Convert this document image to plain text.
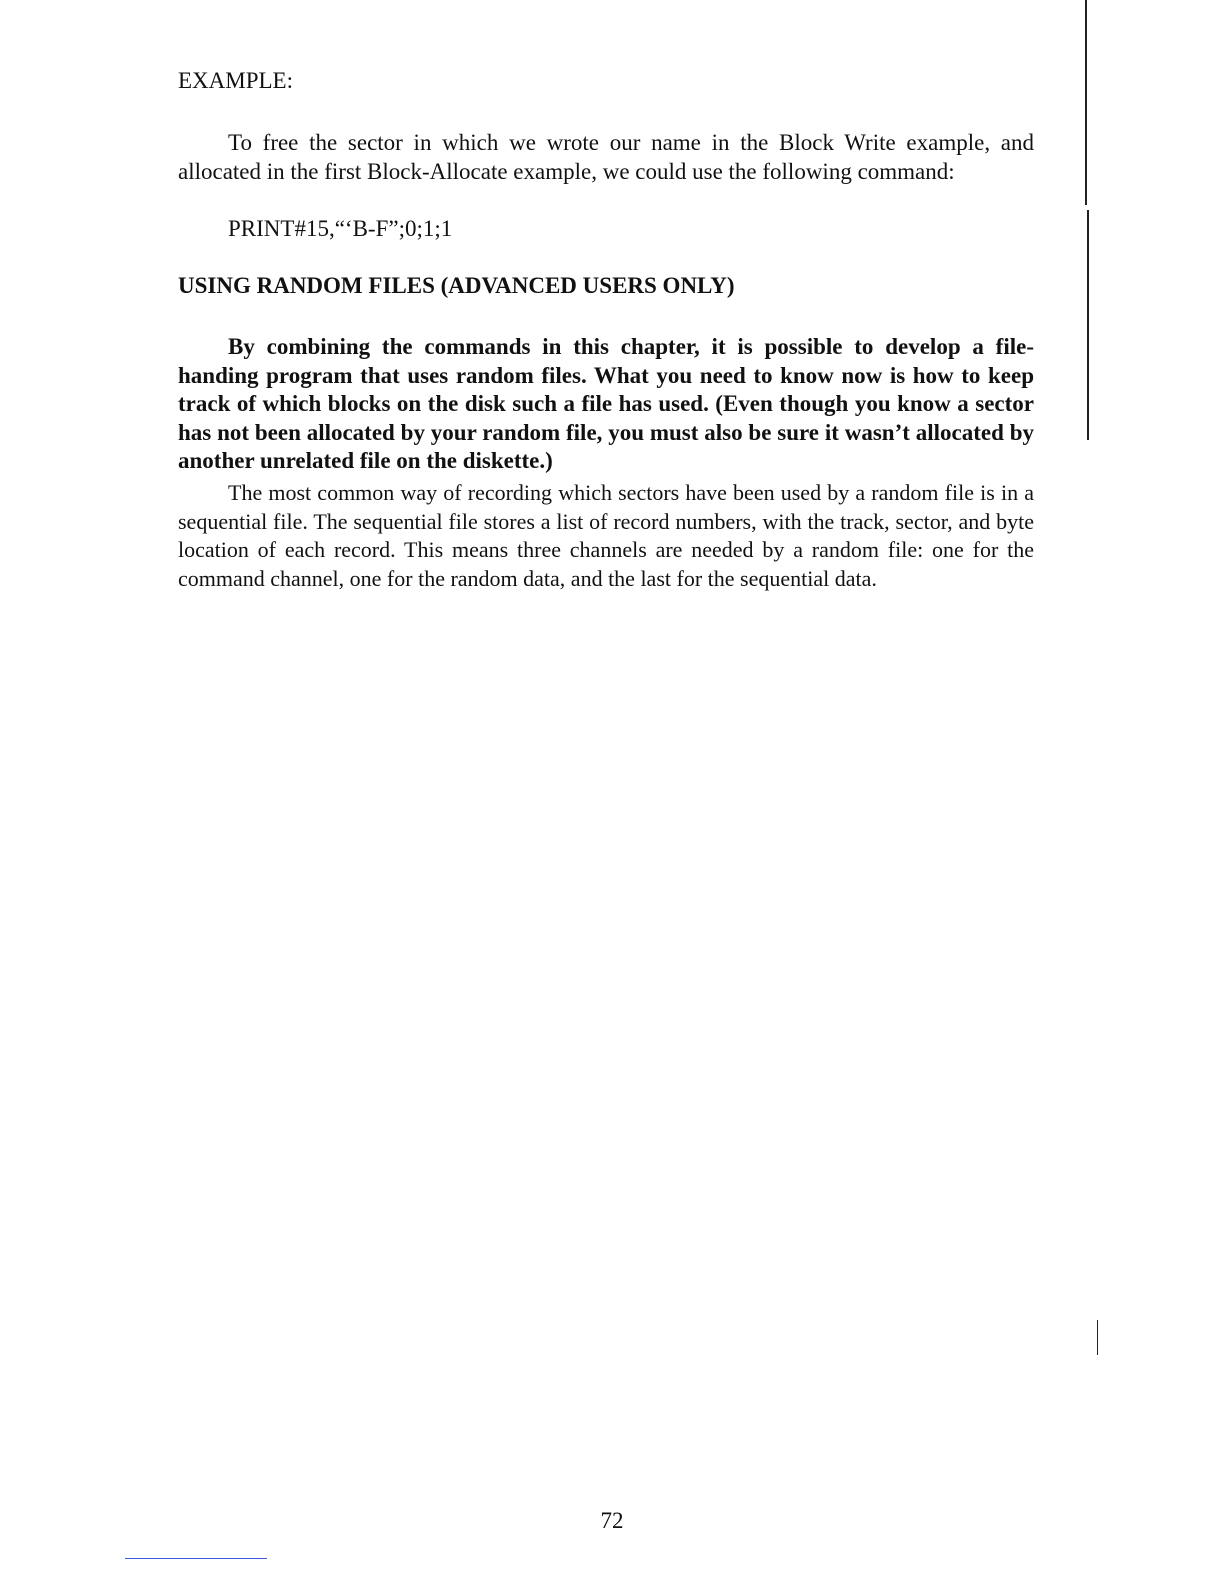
EXAMPLE:
To free the sector in which we wrote our name in the Block Write example, and allocated in the first Block-Allocate example, we could use the following command:
PRINT#15,“‘B-F”;0;1;1
USING RANDOM FILES (ADVANCED USERS ONLY)
By combining the commands in this chapter, it is possible to develop a file-handing program that uses random files. What you need to know now is how to keep track of which blocks on the disk such a file has used. (Even though you know a sector has not been allocated by your random file, you must also be sure it wasn’t allocated by another unrelated file on the diskette.)
The most common way of recording which sectors have been used by a random file is in a sequential file. The sequential file stores a list of record numbers, with the track, sector, and byte location of each record. This means three channels are needed by a random file: one for the command channel, one for the random data, and the last for the sequential data.
72
